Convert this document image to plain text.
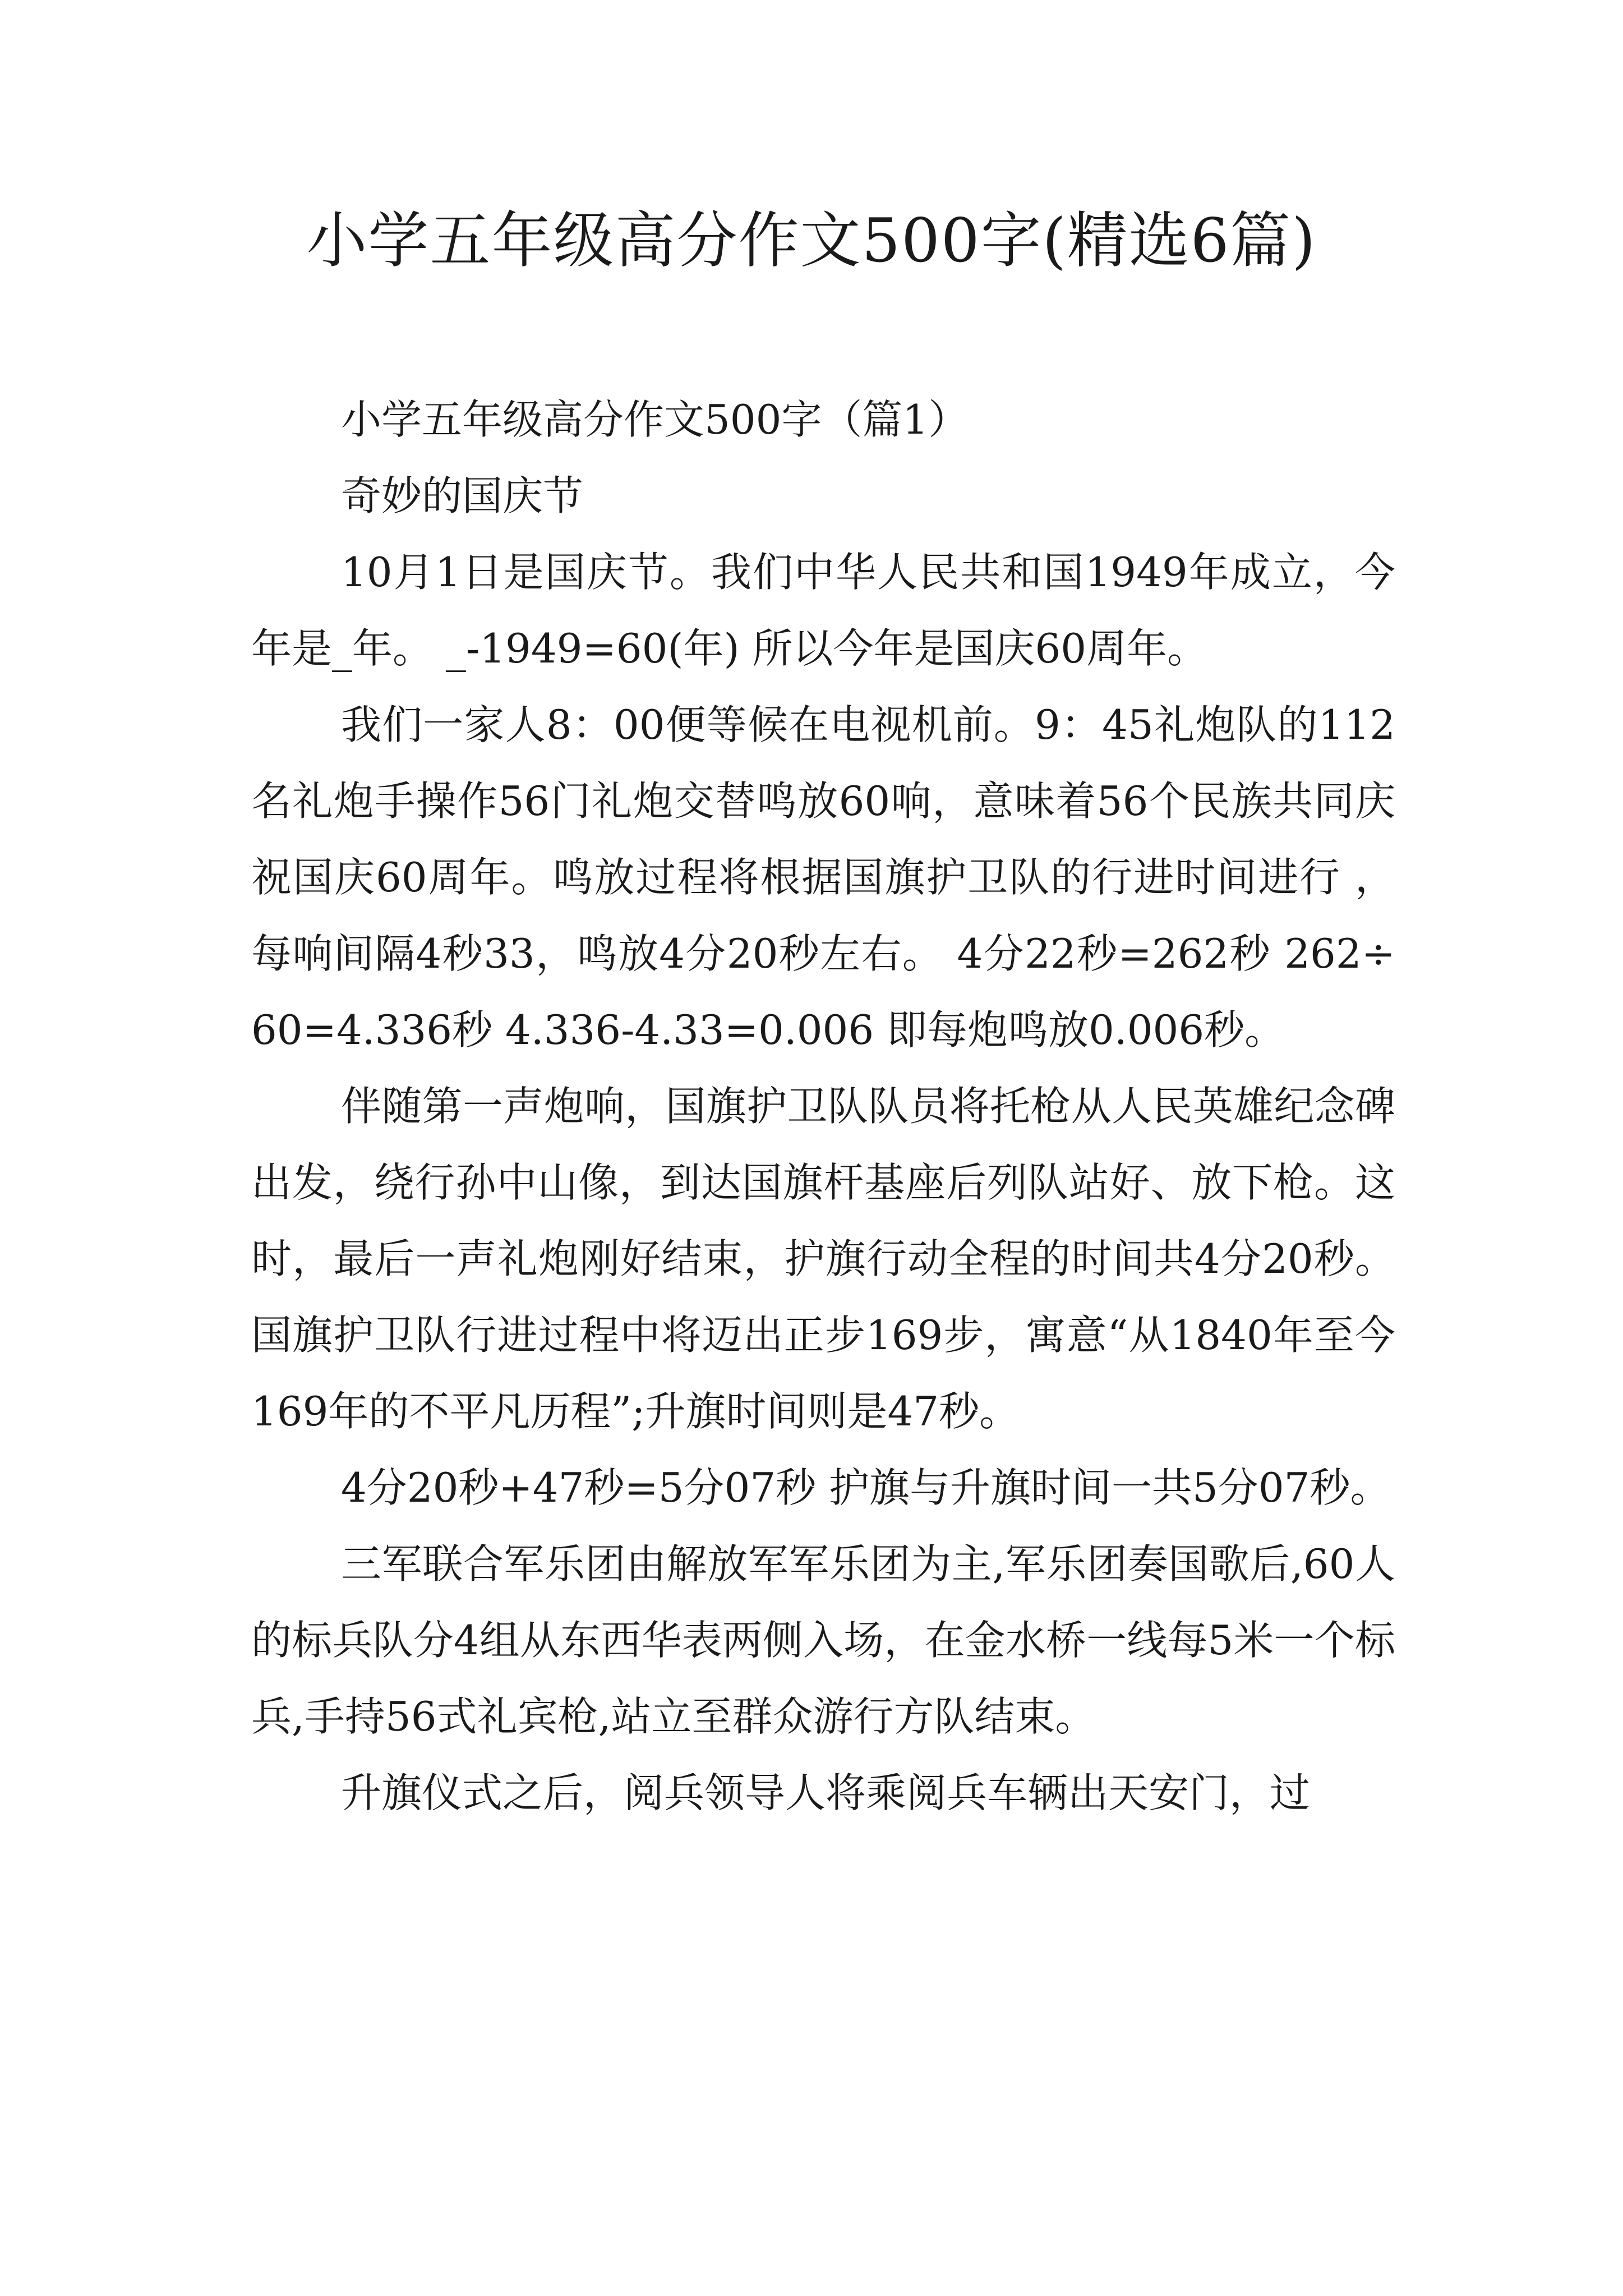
小学五年级高分作文500字(精选6篇)

小学五年级高分作文500字（篇1）

奇妙的国庆节

10月1日是国庆节。我们中华人民共和国1949年成立，今年是_年。 _-1949=60(年) 所以今年是国庆60周年。

我们一家人8：00便等候在电视机前。9：45礼炮队的112名礼炮手操作56门礼炮交替鸣放60响，意味着56个民族共同庆祝国庆60周年。鸣放过程将根据国旗护卫队的行进时间进行 ，每响间隔4秒33，鸣放4分20秒左右。 4分22秒=262秒 262÷60=4.336秒 4.336-4.33=0.006 即每炮鸣放0.006秒。

伴随第一声炮响，国旗护卫队队员将托枪从人民英雄纪念碑出发，绕行孙中山像，到达国旗杆基座后列队站好、放下枪。这时，最后一声礼炮刚好结束，护旗行动全程的时间共4分20秒。国旗护卫队行进过程中将迈出正步169步，寓意“从1840年至今169年的不平凡历程”;升旗时间则是47秒。

4分20秒+47秒=5分07秒 护旗与升旗时间一共5分07秒。

三军联合军乐团由解放军军乐团为主,军乐团奏国歌后,60人的标兵队分4组从东西华表两侧入场，在金水桥一线每5米一个标兵,手持56式礼宾枪,站立至群众游行方队结束。

升旗仪式之后，阅兵领导人将乘阅兵车辆出天安门，过
